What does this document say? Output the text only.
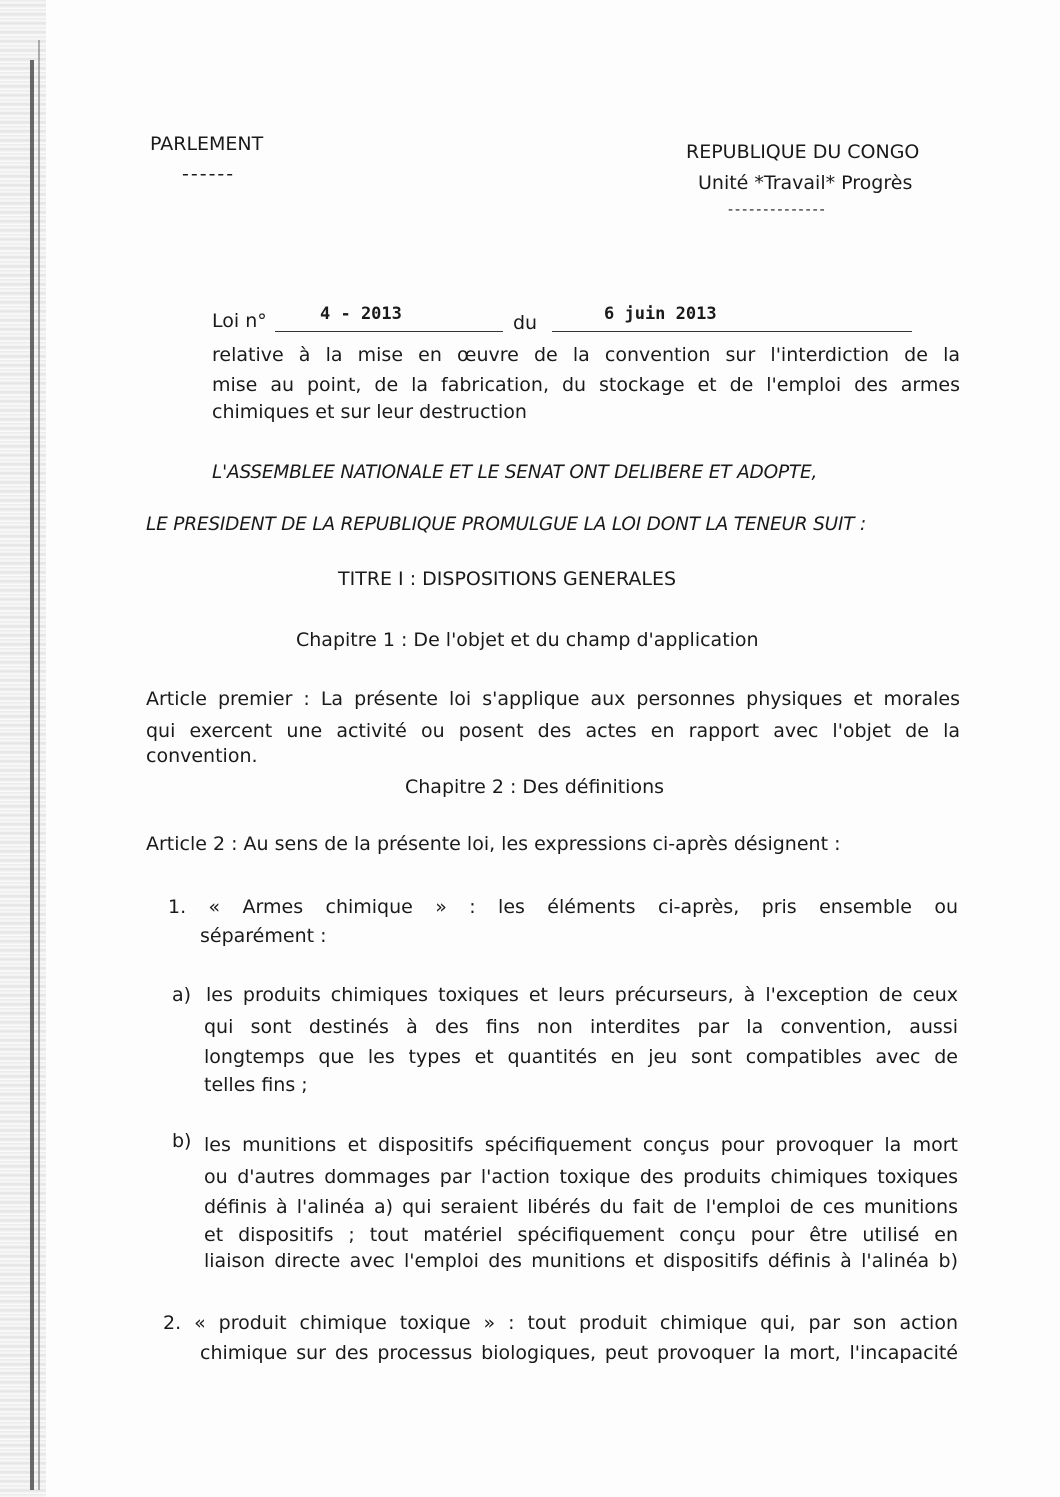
PARLEMENT
------
REPUBLIQUE DU CONGO
Unité *Travail* Progrès
--------------
Loi n°	4 - 2013	du	6 juin 2013
relative à la mise en œuvre de la convention sur l'interdiction de la
mise au point, de la fabrication, du stockage et de l'emploi des armes
chimiques et sur leur destruction
L'ASSEMBLEE NATIONALE ET LE SENAT ONT DELIBERE ET ADOPTE,
LE PRESIDENT DE LA REPUBLIQUE PROMULGUE LA LOI DONT LA TENEUR SUIT :
TITRE I : DISPOSITIONS GENERALES
Chapitre 1 : De l'objet et du champ d'application
Article premier : La présente loi s'applique aux personnes physiques et morales
qui exercent une activité ou posent des actes en rapport avec l'objet de la
convention.
Chapitre 2 : Des définitions
Article 2 : Au sens de la présente loi, les expressions ci-après désignent :
1. « Armes chimique » : les éléments ci-après, pris ensemble ou
séparément :
a) les produits chimiques toxiques et leurs précurseurs, à l'exception de ceux
qui sont destinés à des fins non interdites par la convention, aussi
longtemps que les types et quantités en jeu sont compatibles avec de
telles fins ;
b) les munitions et dispositifs spécifiquement conçus pour provoquer la mort
ou d'autres dommages par l'action toxique des produits chimiques toxiques
définis à l'alinéa a) qui seraient libérés du fait de l'emploi de ces munitions
et dispositifs ; tout matériel spécifiquement conçu pour être utilisé en
liaison directe avec l'emploi des munitions et dispositifs définis à l'alinéa b)
2. « produit chimique toxique » : tout produit chimique qui, par son action
chimique sur des processus biologiques, peut provoquer la mort, l'incapacité
